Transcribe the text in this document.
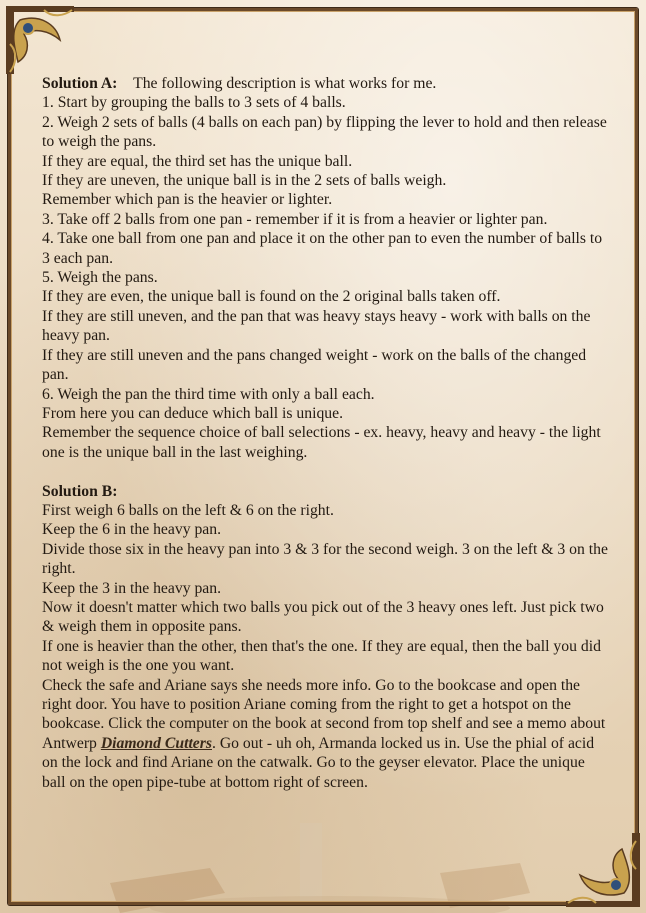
Solution A: The following description is what works for me.
1. Start by grouping the balls to 3 sets of 4 balls.
2. Weigh 2 sets of balls (4 balls on each pan) by flipping the lever to hold and then release to weigh the pans.
If they are equal, the third set has the unique ball.
If they are uneven, the unique ball is in the 2 sets of balls weigh.
Remember which pan is the heavier or lighter.
3. Take off 2 balls from one pan - remember if it is from a heavier or lighter pan.
4. Take one ball from one pan and place it on the other pan to even the number of balls to 3 each pan.
5. Weigh the pans.
If they are even, the unique ball is found on the 2 original balls taken off.
If they are still uneven, and the pan that was heavy stays heavy - work with balls on the heavy pan.
If they are still uneven and the pans changed weight - work on the balls of the changed pan.
6. Weigh the pan the third time with only a ball each.
From here you can deduce which ball is unique.
Remember the sequence choice of ball selections - ex. heavy, heavy and heavy - the light one is the unique ball in the last weighing.
Solution B:
First weigh 6 balls on the left & 6 on the right.
Keep the 6 in the heavy pan.
Divide those six in the heavy pan into 3 & 3 for the second weigh. 3 on the left & 3 on the right.
Keep the 3 in the heavy pan.
Now it doesn't matter which two balls you pick out of the 3 heavy ones left. Just pick two & weigh them in opposite pans.
If one is heavier than the other, then that's the one. If they are equal, then the ball you did not weigh is the one you want.
Check the safe and Ariane says she needs more info. Go to the bookcase and open the right door. You have to position Ariane coming from the right to get a hotspot on the bookcase. Click the computer on the book at second from top shelf and see a memo about Antwerp Diamond Cutters. Go out - uh oh, Armanda locked us in. Use the phial of acid on the lock and find Ariane on the catwalk. Go to the geyser elevator. Place the unique ball on the open pipe-tube at bottom right of screen.
